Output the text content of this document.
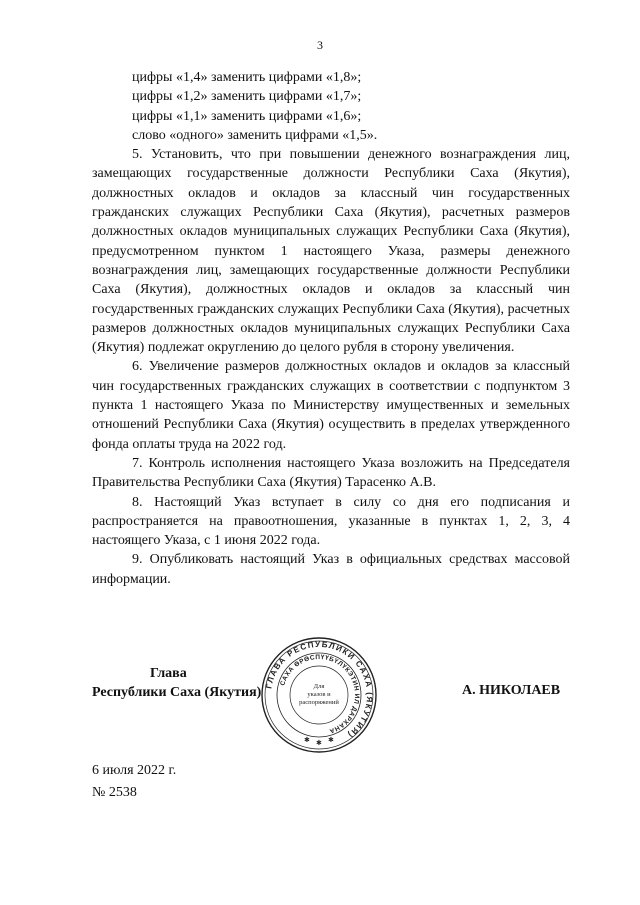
3

цифры «1,4» заменить цифрами «1,8»;

цифры «1,2» заменить цифрами «1,7»;

цифры «1,1» заменить цифрами «1,6»;

слово «одного» заменить цифрами «1,5».

5. Установить, что при повышении денежного вознаграждения лиц, замещающих государственные должности Республики Саха (Якутия), должностных окладов и окладов за классный чин государственных гражданских служащих Республики Саха (Якутия), расчетных размеров должностных окладов муниципальных служащих Республики Саха (Якутия), предусмотренном пунктом 1 настоящего Указа, размеры денежного вознаграждения лиц, замещающих государственные должности Республики Саха (Якутия), должностных окладов и окладов за классный чин государственных гражданских служащих Республики Саха (Якутия), расчетных размеров должностных окладов муниципальных служащих Республики Саха (Якутия) подлежат округлению до целого рубля в сторону увеличения.

6. Увеличение размеров должностных окладов и окладов за классный чин государственных гражданских служащих в соответствии с подпунктом 3 пункта 1 настоящего Указа по Министерству имущественных и земельных отношений Республики Саха (Якутия) осуществить в пределах утвержденного фонда оплаты труда на 2022 год.

7. Контроль исполнения настоящего Указа возложить на Председателя Правительства Республики Саха (Якутия) Тарасенко А.В.

8. Настоящий Указ вступает в силу со дня его подписания и распространяется на правоотношения, указанные в пунктах 1, 2, 3, 4 настоящего Указа, с 1 июня 2022 года.

9. Опубликовать настоящий Указ в официальных средствах массовой информации.

Глава
Республики Саха (Якутия) ГЛАВА РЕСПУБЛИКИ САХА (ЯКУТИЯ)
САХА ӨРӨСПҮҮБҮЛҮКЭТИН ИЛ ДАРХАНА
Для
указов и
распоряжений
✱ ✱ ✱
А. НИКОЛАЕВ
6 июля 2022 г.
№ 2538
